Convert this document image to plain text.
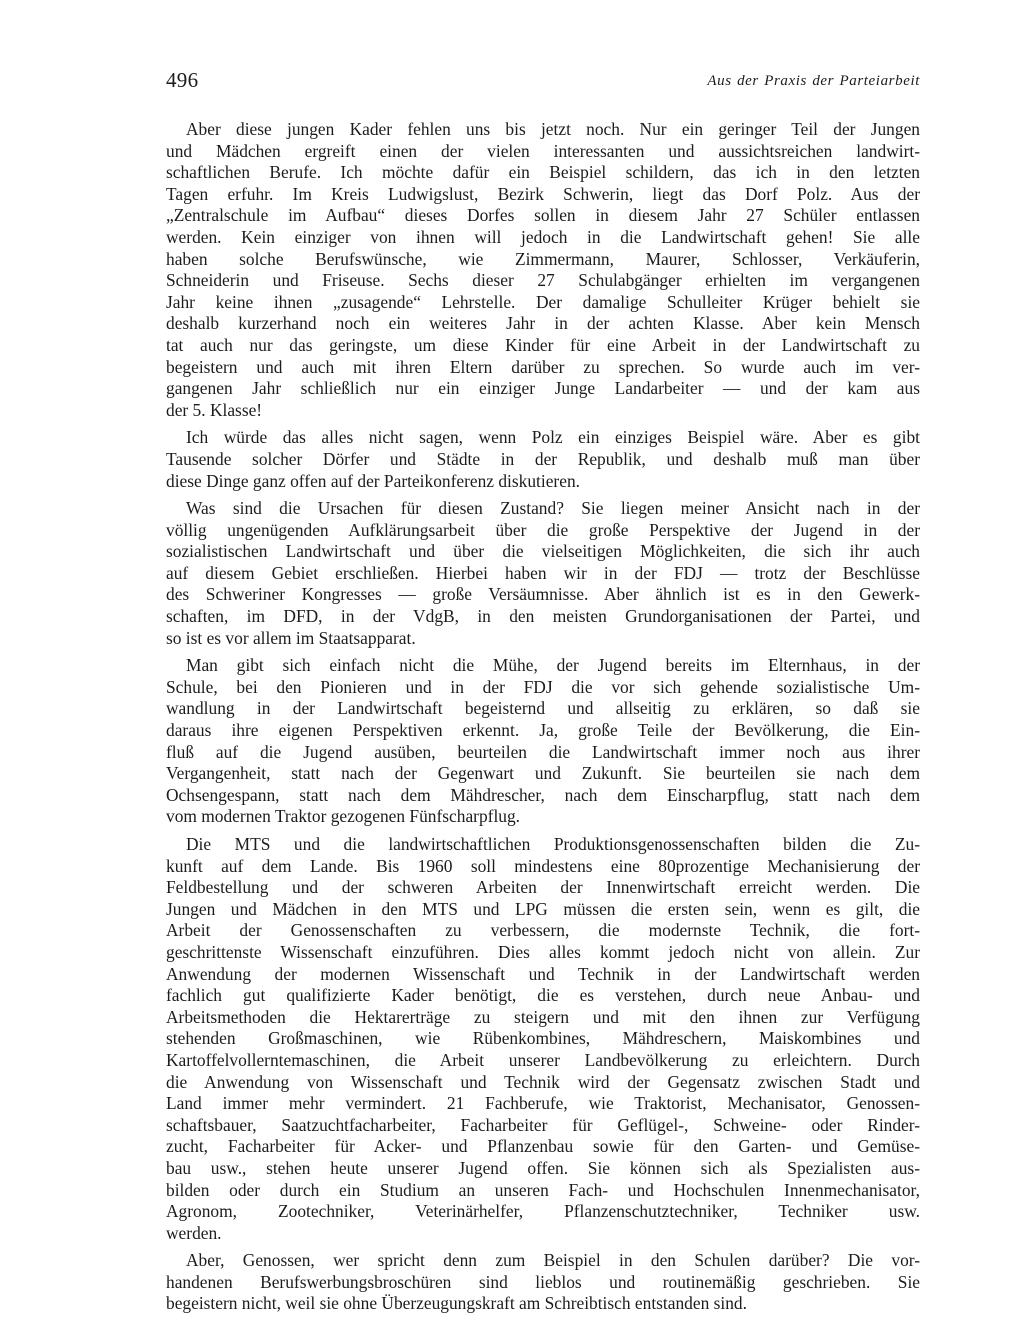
496	Aus der Praxis der Parteiarbeit
Aber diese jungen Kader fehlen uns bis jetzt noch. Nur ein geringer Teil der Jungen
und Mädchen ergreift einen der vielen interessanten und aussichtsreichen landwirt-
schaftlichen Berufe. Ich möchte dafür ein Beispiel schildern, das ich in den letzten
Tagen erfuhr. Im Kreis Ludwigslust, Bezirk Schwerin, liegt das Dorf Polz. Aus der
„Zentralschule im Aufbau“ dieses Dorfes sollen in diesem Jahr 27 Schüler entlassen
werden. Kein einziger von ihnen will jedoch in die Landwirtschaft gehen! Sie alle
haben solche Berufswünsche, wie Zimmermann, Maurer, Schlosser, Verkäuferin,
Schneiderin und Friseuse. Sechs dieser 27 Schulabgänger erhielten im vergangenen
Jahr keine ihnen „zusagende“ Lehrstelle. Der damalige Schulleiter Krüger behielt sie
deshalb kurzerhand noch ein weiteres Jahr in der achten Klasse. Aber kein Mensch
tat auch nur das geringste, um diese Kinder für eine Arbeit in der Landwirtschaft zu
begeistern und auch mit ihren Eltern darüber zu sprechen. So wurde auch im ver-
gangenen Jahr schließlich nur ein einziger Junge Landarbeiter — und der kam aus
der 5. Klasse!
Ich würde das alles nicht sagen, wenn Polz ein einziges Beispiel wäre. Aber es gibt
Tausende solcher Dörfer und Städte in der Republik, und deshalb muß man über
diese Dinge ganz offen auf der Parteikonferenz diskutieren.
Was sind die Ursachen für diesen Zustand? Sie liegen meiner Ansicht nach in der
völlig ungenügenden Aufklärungsarbeit über die große Perspektive der Jugend in der
sozialistischen Landwirtschaft und über die vielseitigen Möglichkeiten, die sich ihr auch
auf diesem Gebiet erschließen. Hierbei haben wir in der FDJ — trotz der Beschlüsse
des Schweriner Kongresses — große Versäumnisse. Aber ähnlich ist es in den Gewerk-
schaften, im DFD, in der VdgB, in den meisten Grundorganisationen der Partei, und
so ist es vor allem im Staatsapparat.
Man gibt sich einfach nicht die Mühe, der Jugend bereits im Elternhaus, in der
Schule, bei den Pionieren und in der FDJ die vor sich gehende sozialistische Um-
wandlung in der Landwirtschaft begeisternd und allseitig zu erklären, so daß sie
daraus ihre eigenen Perspektiven erkennt. Ja, große Teile der Bevölkerung, die Ein-
fluß auf die Jugend ausüben, beurteilen die Landwirtschaft immer noch aus ihrer
Vergangenheit, statt nach der Gegenwart und Zukunft. Sie beurteilen sie nach dem
Ochsengespann, statt nach dem Mähdrescher, nach dem Einscharpflug, statt nach dem
vom modernen Traktor gezogenen Fünfscharpflug.
Die MTS und die landwirtschaftlichen Produktionsgenossenschaften bilden die Zu-
kunft auf dem Lande. Bis 1960 soll mindestens eine 80prozentige Mechanisierung der
Feldbestellung und der schweren Arbeiten der Innenwirtschaft erreicht werden. Die
Jungen und Mädchen in den MTS und LPG müssen die ersten sein, wenn es gilt, die
Arbeit der Genossenschaften zu verbessern, die modernste Technik, die fort-
geschrittenste Wissenschaft einzuführen. Dies alles kommt jedoch nicht von allein. Zur
Anwendung der modernen Wissenschaft und Technik in der Landwirtschaft werden
fachlich gut qualifizierte Kader benötigt, die es verstehen, durch neue Anbau- und
Arbeitsmethoden die Hektarerträge zu steigern und mit den ihnen zur Verfügung
stehenden Großmaschinen, wie Rübenkombines, Mähdreschern, Maiskombines und
Kartoffelvollerntemaschinen, die Arbeit unserer Landbevölkerung zu erleichtern. Durch
die Anwendung von Wissenschaft und Technik wird der Gegensatz zwischen Stadt und
Land immer mehr vermindert. 21 Fachberufe, wie Traktorist, Mechanisator, Genossen-
schaftsbauer, Saatzuchtfacharbeiter, Facharbeiter für Geflügel-, Schweine- oder Rinder-
zucht, Facharbeiter für Acker- und Pflanzenbau sowie für den Garten- und Gemüse-
bau usw., stehen heute unserer Jugend offen. Sie können sich als Spezialisten aus-
bilden oder durch ein Studium an unseren Fach- und Hochschulen Innenmechanisator,
Agronom, Zootechniker, Veterinärhelfer, Pflanzenschutztechniker, Techniker usw.
werden.
Aber, Genossen, wer spricht denn zum Beispiel in den Schulen darüber? Die vor-
handenen Berufswerbungsbroschüren sind lieblos und routinemäßig geschrieben. Sie
begeistern nicht, weil sie ohne Überzeugungskraft am Schreibtisch entstanden sind.
